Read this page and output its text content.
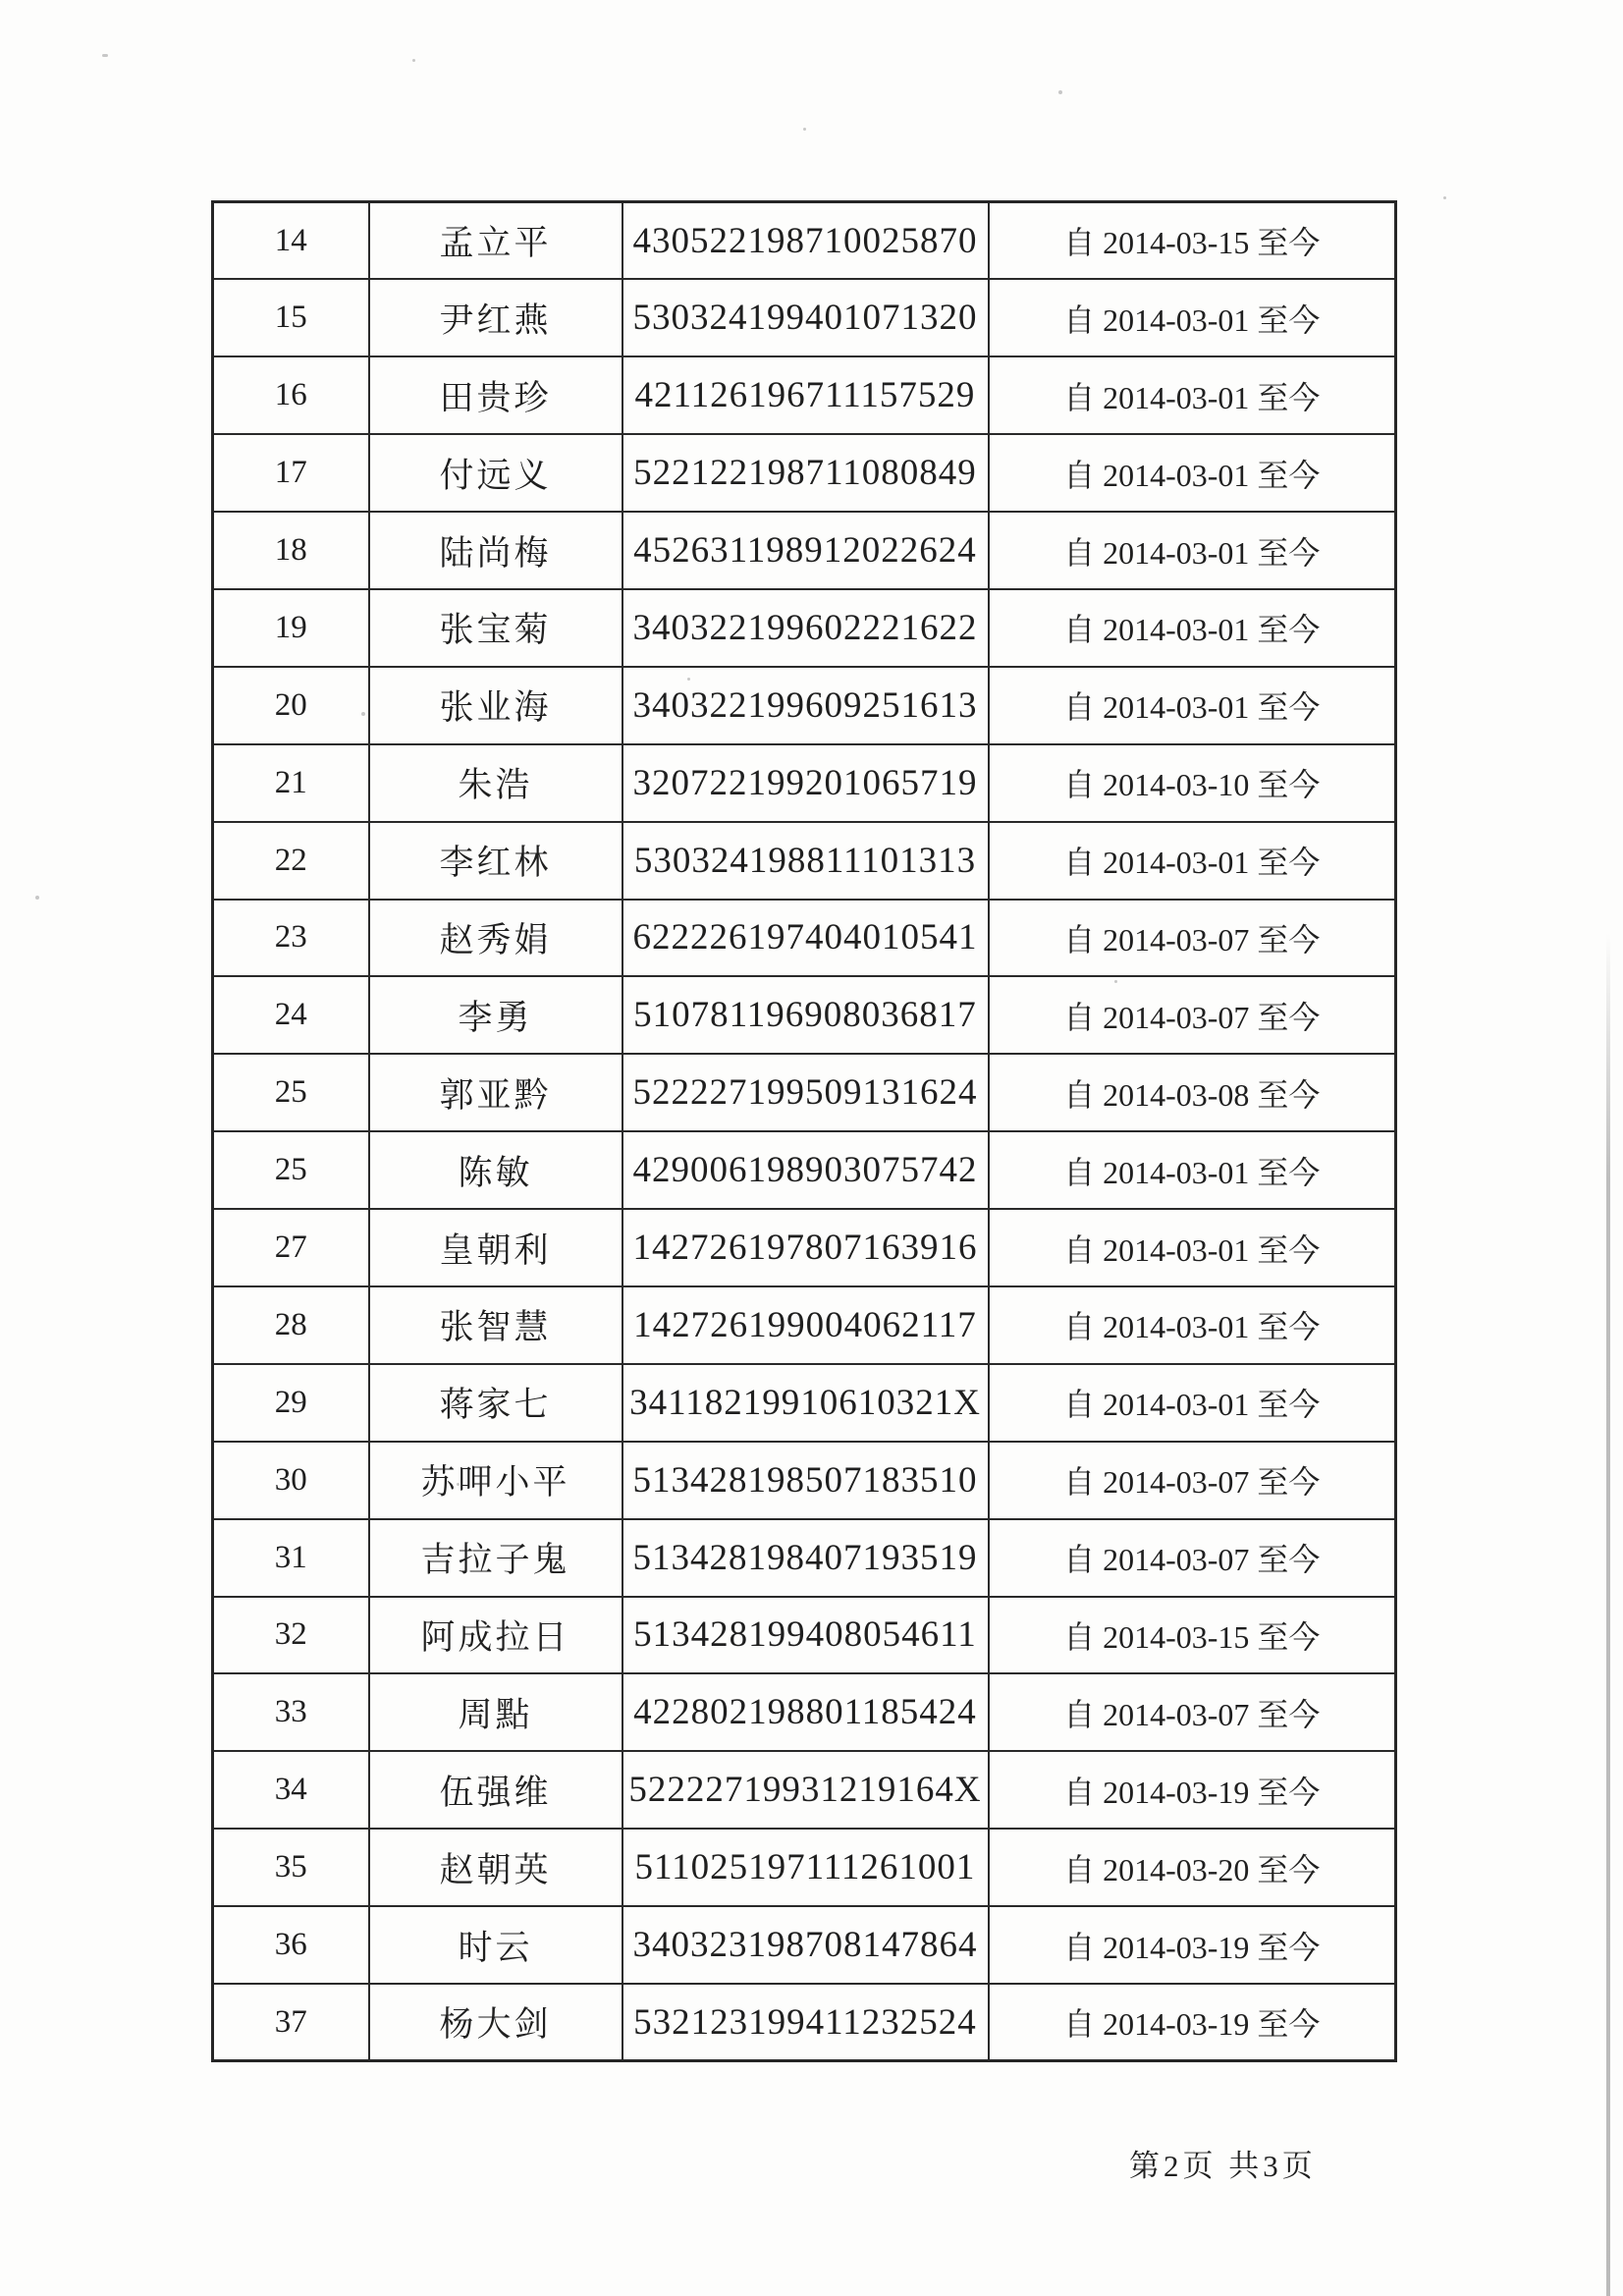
14	孟立平	430522198710025870	自 2014-03-15 至今
15	尹红燕	530324199401071320	自 2014-03-01 至今
16	田贵珍	421126196711157529	自 2014-03-01 至今
17	付远义	522122198711080849	自 2014-03-01 至今
18	陆尚梅	452631198912022624	自 2014-03-01 至今
19	张宝菊	340322199602221622	自 2014-03-01 至今
20	张业海	340322199609251613	自 2014-03-01 至今
21	朱浩	320722199201065719	自 2014-03-10 至今
22	李红林	530324198811101313	自 2014-03-01 至今
23	赵秀娟	622226197404010541	自 2014-03-07 至今
24	李勇	510781196908036817	自 2014-03-07 至今
25	郭亚黔	522227199509131624	自 2014-03-08 至今
25	陈敏	429006198903075742	自 2014-03-01 至今
27	皇朝利	142726197807163916	自 2014-03-01 至今
28	张智慧	142726199004062117	自 2014-03-01 至今
29	蒋家七	34118219910610321X	自 2014-03-01 至今
30	苏呷小平	513428198507183510	自 2014-03-07 至今
31	吉拉子鬼	513428198407193519	自 2014-03-07 至今
32	阿成拉日	513428199408054611	自 2014-03-15 至今
33	周點	422802198801185424	自 2014-03-07 至今
34	伍强维	52222719931219164X	自 2014-03-19 至今
35	赵朝英	511025197111261001	自 2014-03-20 至今
36	时云	340323198708147864	自 2014-03-19 至今
37	杨大剑	532123199411232524	自 2014-03-19 至今
第2页 共3页
